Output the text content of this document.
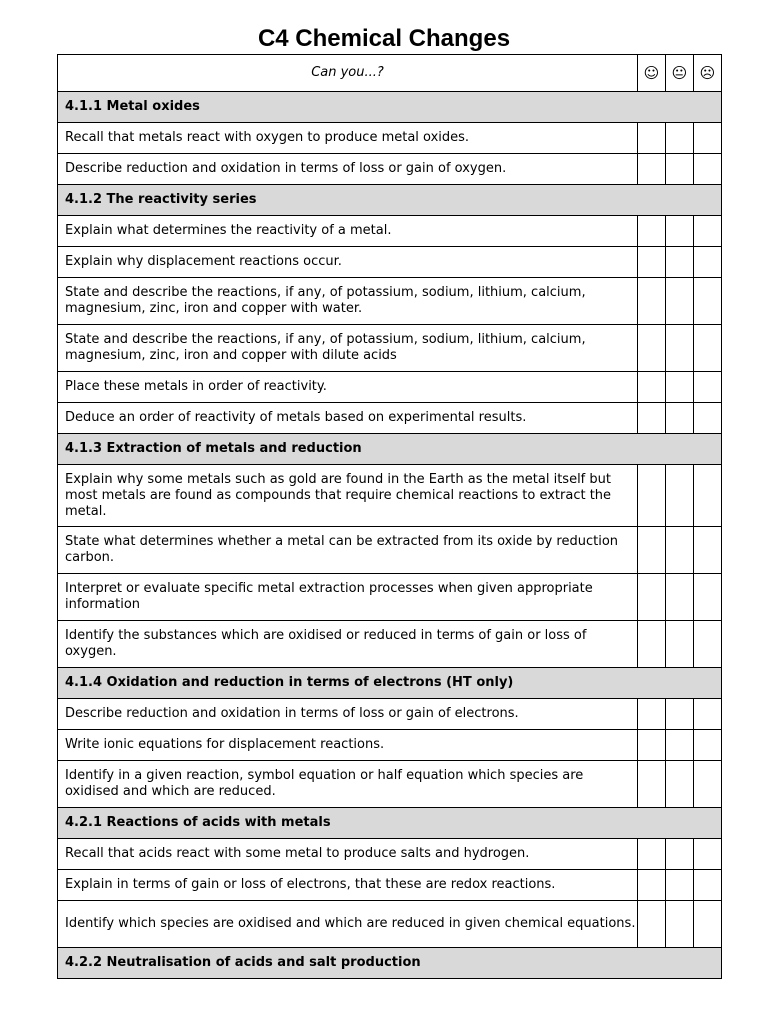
C4 Chemical Changes
Can you...?	☺	😐	☹
4.1.1 Metal oxides			
Recall that metals react with oxygen to produce metal oxides.			
Describe reduction and oxidation in terms of loss or gain of oxygen.			
4.1.2 The reactivity series			
Explain what determines the reactivity of a metal.			
Explain why displacement reactions occur.			
State and describe the reactions, if any, of potassium, sodium, lithium, calcium, magnesium, zinc, iron and copper with water.			
State and describe the reactions, if any, of potassium, sodium, lithium, calcium, magnesium, zinc, iron and copper with dilute acids			
Place these metals in order of reactivity.			
Deduce an order of reactivity of metals based on experimental results.			
4.1.3 Extraction of metals and reduction			
Explain why some metals such as gold are found in the Earth as the metal itself but most metals are found as compounds that require chemical reactions to extract the metal.			
State what determines whether a metal can be extracted from its oxide by reduction carbon.			
Interpret or evaluate specific metal extraction processes when given appropriate information			
Identify the substances which are oxidised or reduced in terms of gain or loss of oxygen.			
4.1.4 Oxidation and reduction in terms of electrons (HT only)			
Describe reduction and oxidation in terms of loss or gain of electrons.			
Write ionic equations for displacement reactions.			
Identify in a given reaction, symbol equation or half equation which species are oxidised and which are reduced.			
4.2.1 Reactions of acids with metals			
Recall that acids react with some metal to produce salts and hydrogen.			
Explain in terms of gain or loss of electrons, that these are redox reactions.			
Identify which species are oxidised and which are reduced in given chemical equations.			
4.2.2 Neutralisation of acids and salt production			
